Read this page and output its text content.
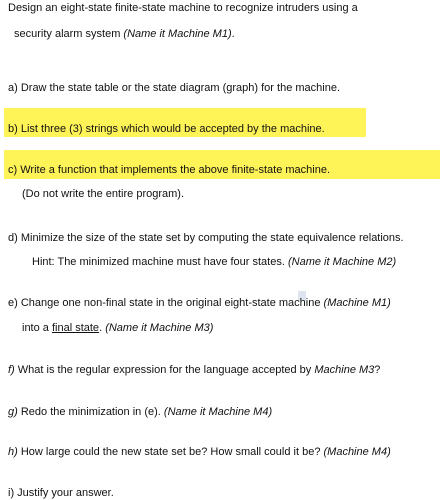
Design an eight-state finite-state machine to recognize intruders using a

security alarm system (Name it Machine M1).

a) Draw the state table or the state diagram (graph) for the machine.

b) List three (3) strings which would be accepted by the machine.

c) Write a function that implements the above finite-state machine.

(Do not write the entire program).

d) Minimize the size of the state set by computing the state equivalence relations.

Hint: The minimized machine must have four states. (Name it Machine M2)

e) Change one non-final state in the original eight-state machine (Machine M1)

into a final state. (Name it Machine M3)

f) What is the regular expression for the language accepted by Machine M3?

g) Redo the minimization in (e). (Name it Machine M4)

h) How large could the new state set be? How small could it be? (Machine M4)

i) Justify your answer.
